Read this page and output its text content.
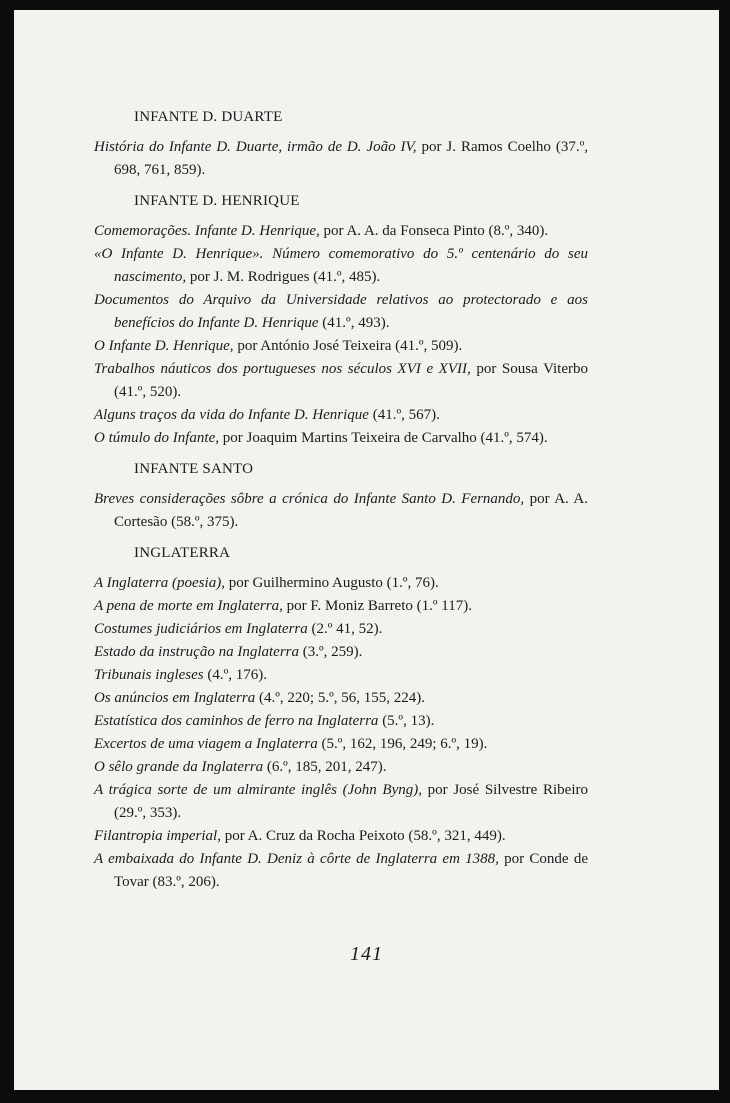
INFANTE D. DUARTE

História do Infante D. Duarte, irmão de D. João IV, por J. Ramos Coelho (37.º, 698, 761, 859).

INFANTE D. HENRIQUE

Comemorações. Infante D. Henrique, por A. A. da Fonseca Pinto (8.º, 340).

«O Infante D. Henrique». Número comemorativo do 5.º centenário do seu nascimento, por J. M. Rodrigues (41.º, 485).

Documentos do Arquivo da Universidade relativos ao protectorado e aos benefícios do Infante D. Henrique (41.º, 493).

O Infante D. Henrique, por António José Teixeira (41.º, 509).

Trabalhos náuticos dos portugueses nos séculos XVI e XVII, por Sousa Viterbo (41.º, 520).

Alguns traços da vida do Infante D. Henrique (41.º, 567).

O túmulo do Infante, por Joaquim Martins Teixeira de Carvalho (41.º, 574).

INFANTE SANTO

Breves considerações sôbre a crónica do Infante Santo D. Fernando, por A. A. Cortesão (58.º, 375).

INGLATERRA

A Inglaterra (poesia), por Guilhermino Augusto (1.º, 76).

A pena de morte em Inglaterra, por F. Moniz Barreto (1.º 117).

Costumes judiciários em Inglaterra (2.º 41, 52).

Estado da instrução na Inglaterra (3.º, 259).

Tribunais ingleses (4.º, 176).

Os anúncios em Inglaterra (4.º, 220; 5.º, 56, 155, 224).

Estatística dos caminhos de ferro na Inglaterra (5.º, 13).

Excertos de uma viagem a Inglaterra (5.º, 162, 196, 249; 6.º, 19).

O sêlo grande da Inglaterra (6.º, 185, 201, 247).

A trágica sorte de um almirante inglês (John Byng), por José Silvestre Ribeiro (29.º, 353).

Filantropia imperial, por A. Cruz da Rocha Peixoto (58.º, 321, 449).

A embaixada do Infante D. Deniz à côrte de Inglaterra em 1388, por Conde de Tovar (83.º, 206).

141
